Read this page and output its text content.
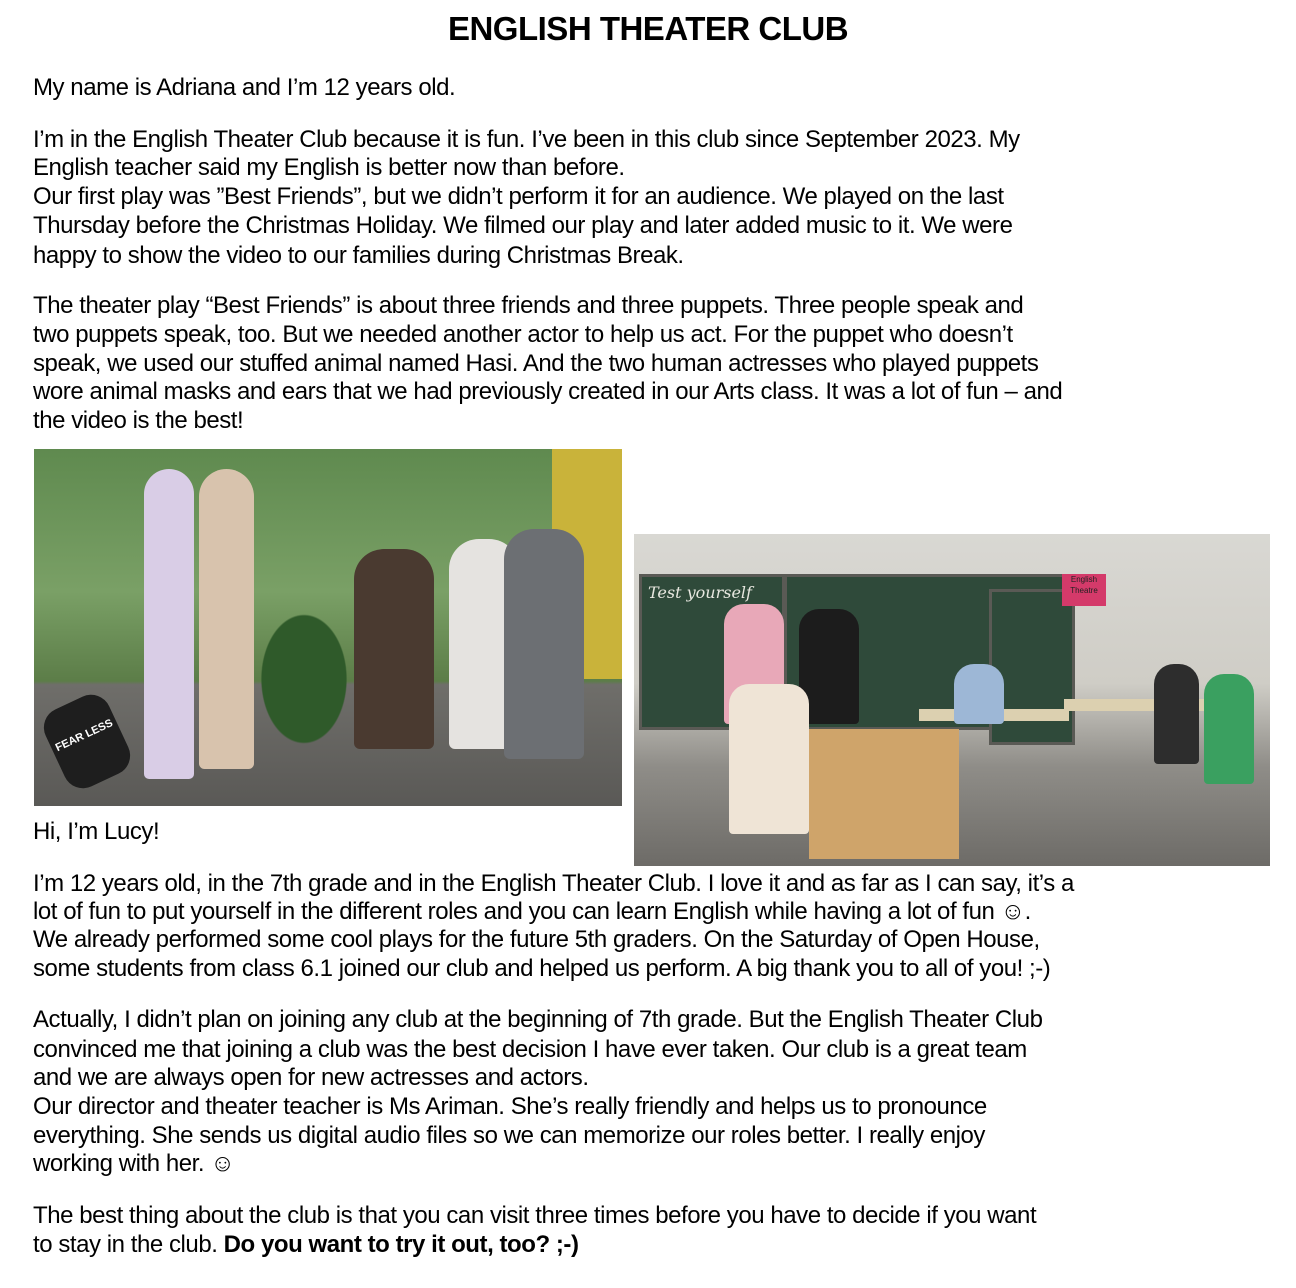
ENGLISH THEATER CLUB
My name is Adriana and I’m 12 years old.
I’m in the English Theater Club because it is fun. I’ve been in this club since September 2023. My
English teacher said my English is better now than before.
Our first play was ”Best Friends”, but we didn’t perform it for an audience. We played on the last
Thursday before the Christmas Holiday. We filmed our play and later added music to it. We were
happy to show the video to our families during Christmas Break.
The theater play “Best Friends” is about three friends and three puppets. Three people speak and
two puppets speak, too. But we needed another actor to help us act. For the puppet who doesn’t
speak, we used our stuffed animal named Hasi. And the two human actresses who played puppets
wore animal masks and ears that we had previously created in our Arts class. It was a lot of fun – and
the video is the best!
FEAR LESS
Test yourself
English Theatre
Hi, I’m Lucy!
I’m 12 years old, in the 7th grade and in the English Theater Club. I love it and as far as I can say, it’s a
lot of fun to put yourself in the different roles and you can learn English while having a lot of fun ☺.
We already performed some cool plays for the future 5th graders. On the Saturday of Open House,
some students from class 6.1 joined our club and helped us perform. A big thank you to all of you! ;-)
Actually, I didn’t plan on joining any club at the beginning of 7th grade. But the English Theater Club
convinced me that joining a club was the best decision I have ever taken. Our club is a great team
and we are always open for new actresses and actors.
Our director and theater teacher is Ms Ariman. She’s really friendly and helps us to pronounce
everything. She sends us digital audio files so we can memorize our roles better. I really enjoy
working with her. ☺
The best thing about the club is that you can visit three times before you have to decide if you want
to stay in the club. Do you want to try it out, too? ;-)
